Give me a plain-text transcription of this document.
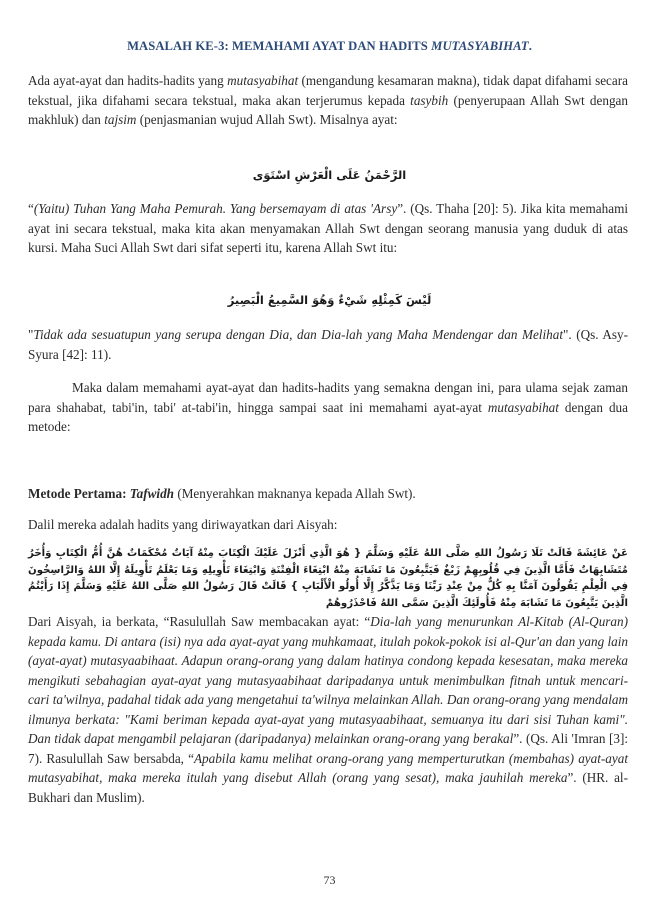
MASALAH KE-3: MEMAHAMI AYAT DAN HADITS MUTASYABIHAT.
Ada ayat-ayat dan hadits-hadits yang mutasyabihat (mengandung kesamaran makna), tidak dapat difahami secara tekstual, jika difahami secara tekstual, maka akan terjerumus kepada tasybih (penyerupaan Allah Swt dengan makhluk) dan tajsim (penjasmanian wujud Allah Swt). Misalnya ayat:
الرَّحْمَنُ عَلَى الْعَرْشِ اسْتَوَى
“(Yaitu) Tuhan Yang Maha Pemurah. Yang bersemayam di atas 'Arsy”. (Qs. Thaha [20]: 5). Jika kita memahami ayat ini secara tekstual, maka kita akan menyamakan Allah Swt dengan seorang manusia yang duduk di atas kursi. Maha Suci Allah Swt dari sifat seperti itu, karena Allah Swt itu:
لَيْسَ كَمِثْلِهِ شَيْءٌ وَهُوَ السَّمِيعُ الْبَصِيرُ
"Tidak ada sesuatupun yang serupa dengan Dia, dan Dia-lah yang Maha Mendengar dan Melihat". (Qs. Asy-Syura [42]: 11).
Maka dalam memahami ayat-ayat dan hadits-hadits yang semakna dengan ini, para ulama sejak zaman para shahabat, tabi'in, tabi' at-tabi'in, hingga sampai saat ini memahami ayat-ayat mutasyabihat dengan dua metode:
Metode Pertama: Tafwidh (Menyerahkan maknanya kepada Allah Swt).
Dalil mereka adalah hadits yang diriwayatkan dari Aisyah:
عَنْ عَائِشَةَ قَالَتْ تَلَا رَسُولُ اللهِ صَلَّى اللهُ عَلَيْهِ وَسَلَّمَ { هُوَ الَّذِي أَنْزَلَ عَلَيْكَ الْكِتَابَ مِنْهُ آيَاتٌ مُحْكَمَاتٌ هُنَّ أُمُّ الْكِتَابِ وَأُخَرُ مُتَشَابِهَاتٌ فَأَمَّا الَّذِينَ فِي قُلُوبِهِمْ زَيْغٌ فَيَتَّبِعُونَ مَا تَشَابَهَ مِنْهُ ابْتِغَاءَ الْفِتْنَةِ وَابْتِغَاءَ تَأْوِيلِهِ وَمَا يَعْلَمُ تَأْوِيلَهُ إِلَّا اللهُ وَالرَّاسِخُونَ فِي الْعِلْمِ يَقُولُونَ آمَنَّا بِهِ كُلٌّ مِنْ عِنْدِ رَبِّنَا وَمَا يَذَّكَّرُ إِلَّا أُولُو الْأَلْبَابِ } قَالَتْ قَالَ رَسُولُ اللهِ صَلَّى اللهُ عَلَيْهِ وَسَلَّمَ إِذَا رَأَيْتُمُ الَّذِينَ يَتَّبِعُونَ مَا تَشَابَهَ مِنْهُ فَأُولَئِكَ الَّذِينَ سَمَّى اللهُ فَاحْذَرُوهُمْ
Dari Aisyah, ia berkata, “Rasulullah Saw membacakan ayat: “Dia-lah yang menurunkan Al-Kitab (Al-Quran) kepada kamu. Di antara (isi) nya ada ayat-ayat yang muhkamaat, itulah pokok-pokok isi al-Qur'an dan yang lain (ayat-ayat) mutasyaabihaat. Adapun orang-orang yang dalam hatinya condong kepada kesesatan, maka mereka mengikuti sebahagian ayat-ayat yang mutasyaabihaat daripadanya untuk menimbulkan fitnah untuk mencari-cari ta'wilnya, padahal tidak ada yang mengetahui ta'wilnya melainkan Allah. Dan orang-orang yang mendalam ilmunya berkata: "Kami beriman kepada ayat-ayat yang mutasyaabihaat, semuanya itu dari sisi Tuhan kami". Dan tidak dapat mengambil pelajaran (daripadanya) melainkan orang-orang yang berakal”. (Qs. Ali 'Imran [3]: 7). Rasulullah Saw bersabda, “Apabila kamu melihat orang-orang yang memperturutkan (membahas) ayat-ayat mutasyabihat, maka mereka itulah yang disebut Allah (orang yang sesat), maka jauhilah mereka”. (HR. al-Bukhari dan Muslim).
73
